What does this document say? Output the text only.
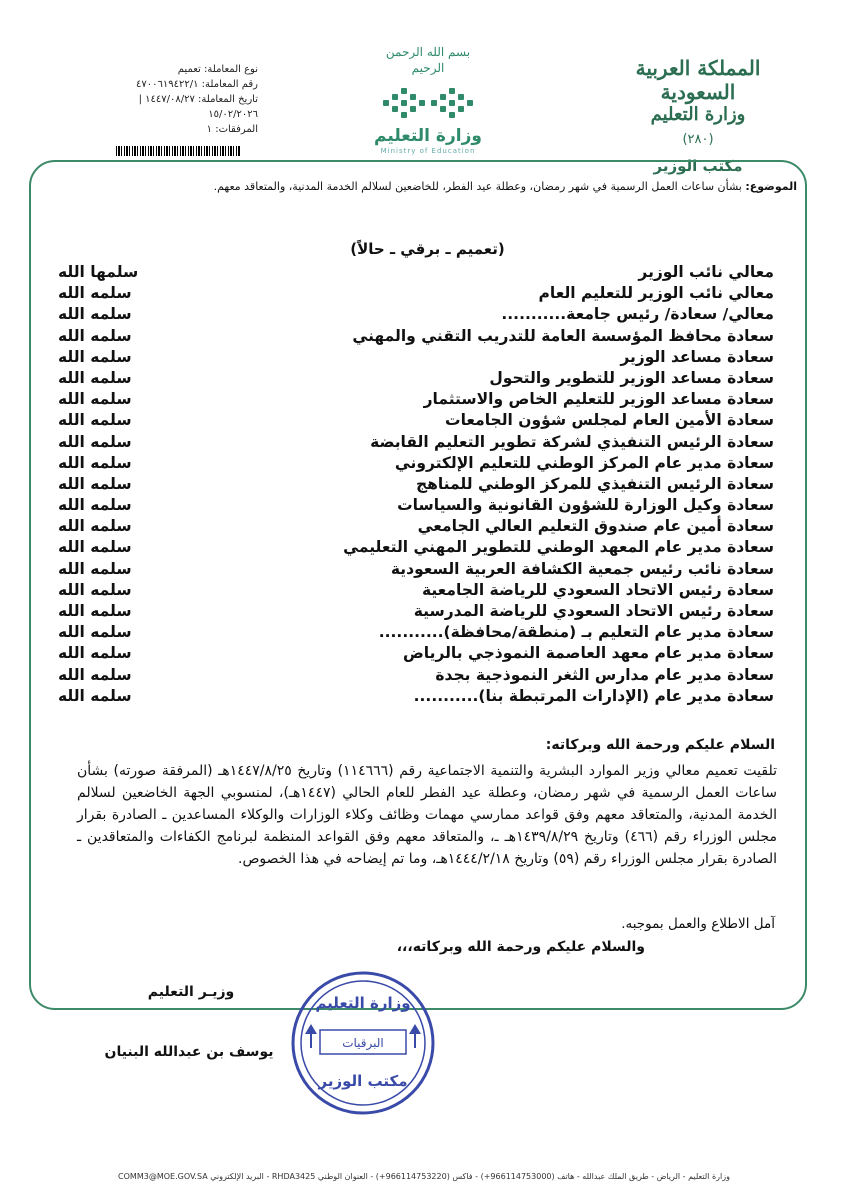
المملكة العربية السعودية
وزارة التعليم
(٢٨٠)
مكتب الوزير
بسم الله الرحمن الرحيم
وزارة التعليم
Ministry of Education
نوع المعاملة: تعميم
رقم المعاملة: ٤٧٠٠٦١٩٤٢٢/١
تاريخ المعاملة: ١٤٤٧/٠٨/٢٧ | ١٥/٠٢/٢٠٢٦
المرفقات: ١
الموضوع: بشأن ساعات العمل الرسمية في شهر رمضان، وعطلة عيد الفطر، للخاضعين لسلالم الخدمة المدنية، والمتعاقد معهم.
(تعميم ـ برقي ـ حالاً)
معالي نائب الوزير
سلمها الله
معالي نائب الوزير للتعليم العام
سلمه الله
معالي/ سعادة/ رئيس جامعة...........
سلمه الله
سعادة محافظ المؤسسة العامة للتدريب التقني والمهني
سلمه الله
سعادة مساعد الوزير
سلمه الله
سعادة مساعد الوزير للتطوير والتحول
سلمه الله
سعادة مساعد الوزير للتعليم الخاص والاستثمار
سلمه الله
سعادة الأمين العام لمجلس شؤون الجامعات
سلمه الله
سعادة الرئيس التنفيذي لشركة تطوير التعليم القابضة
سلمه الله
سعادة مدير عام المركز الوطني للتعليم الإلكتروني
سلمه الله
سعادة الرئيس التنفيذي للمركز الوطني للمناهج
سلمه الله
سعادة وكيل الوزارة للشؤون القانونية والسياسات
سلمه الله
سعادة أمين عام صندوق التعليم العالي الجامعي
سلمه الله
سعادة مدير عام المعهد الوطني للتطوير المهني التعليمي
سلمه الله
سعادة نائب رئيس جمعية الكشافة العربية السعودية
سلمه الله
سعادة رئيس الاتحاد السعودي للرياضة الجامعية
سلمه الله
سعادة رئيس الاتحاد السعودي للرياضة المدرسية
سلمه الله
سعادة مدير عام التعليم بـ (منطقة/محافظة)...........
سلمه الله
سعادة مدير عام معهد العاصمة النموذجي بالرياض
سلمه الله
سعادة مدير عام مدارس الثغر النموذجية بجدة
سلمه الله
سعادة مدير عام (الإدارات المرتبطة بنا)...........
سلمه الله
السلام عليكم ورحمة الله وبركاته:
تلقيت تعميم معالي وزير الموارد البشرية والتنمية الاجتماعية رقم (١١٤٦٦٦) وتاريخ ١٤٤٧/٨/٢٥هـ (المرفقة صورته) بشأن ساعات العمل الرسمية في شهر رمضان، وعطلة عيد الفطر للعام الحالي (١٤٤٧هـ)، لمنسوبي الجهة الخاضعين لسلالم الخدمة المدنية، والمتعاقد معهم وفق قواعد ممارسي مهمات وظائف وكلاء الوزارات والوكلاء المساعدين ـ الصادرة بقرار مجلس الوزراء رقم (٤٦٦) وتاريخ ١٤٣٩/٨/٢٩هـ ـ، والمتعاقد معهم وفق القواعد المنظمة لبرنامج الكفاءات والمتعاقدين ـ الصادرة بقرار مجلس الوزراء رقم (٥٩) وتاريخ ١٤٤٤/٢/١٨هـ، وما تم إيضاحه في هذا الخصوص.
آمل الاطلاع والعمل بموجبه.
والسلام عليكم ورحمة الله وبركاته،،،
وزيـر التعليم
يوسف بن عبدالله البنيان
وزارة التعليم
البرقيات
مكتب الوزير
وزارة التعليم - الرياض - طريق الملك عبدالله - هاتف (966114753000+) - فاكس (966114753220+) - العنوان الوطني RHDA3425 - البريد الإلكتروني COMM3@MOE.GOV.SA
